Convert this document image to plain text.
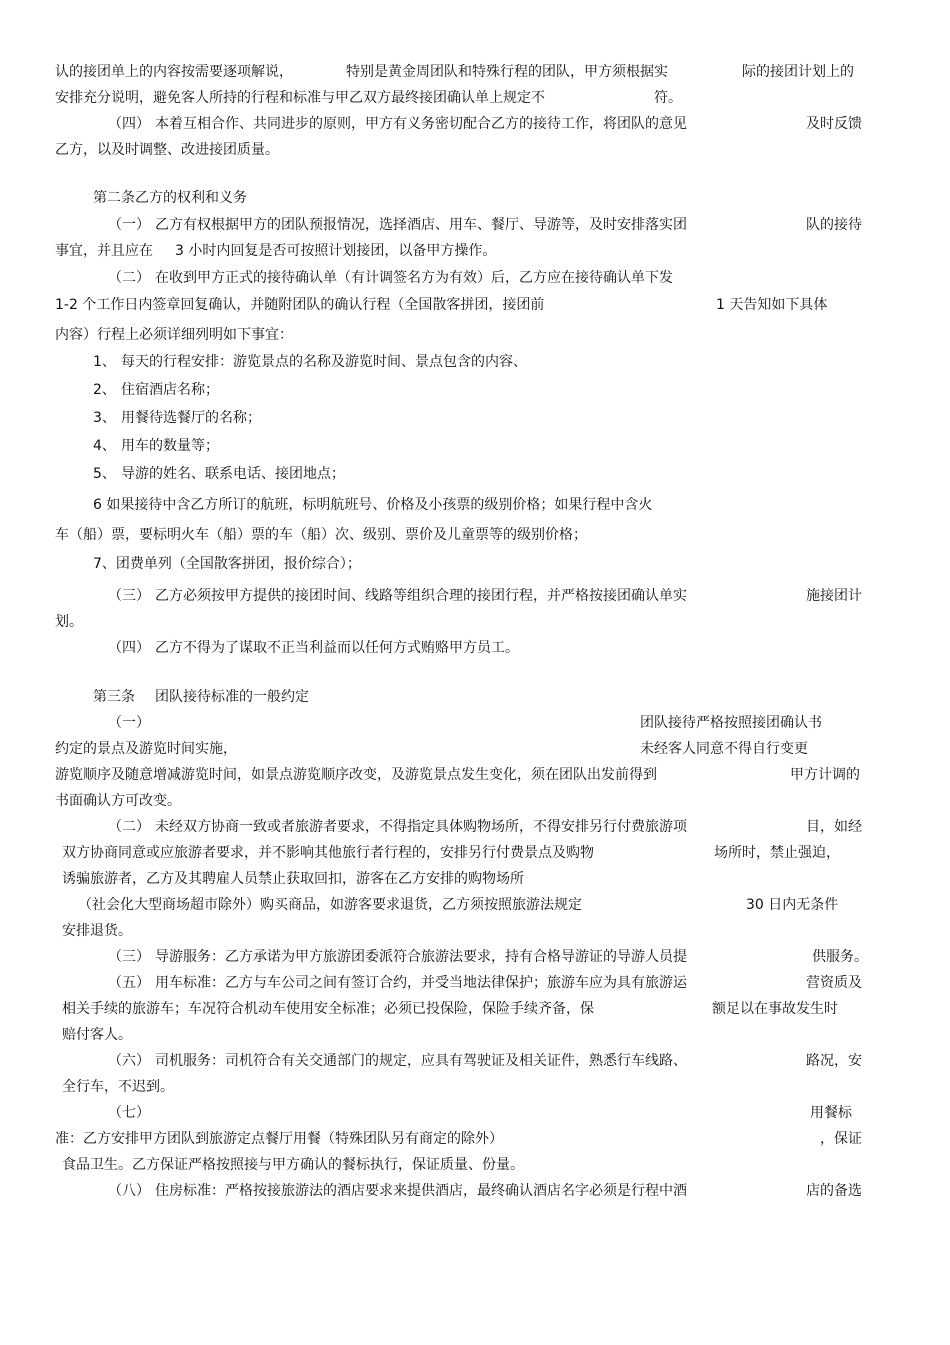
认的接团单上的内容按需要逐项解说，	特别是黄金周团队和特殊行程的团队，甲方须根据实	际的接团计划上的
安排充分说明，避免客人所持的行程和标准与甲乙双方最终接团确认单上规定不	符。
（四） 本着互相合作、共同进步的原则，甲方有义务密切配合乙方的接待工作，将团队的意见	及时反馈
乙方，以及时调整、改进接团质量。
第二条乙方的权利和义务
（一） 乙方有权根据甲方的团队预报情况，选择酒店、用车、餐厅、导游等，及时安排落实团	队的接待
事宜，并且应在 3 小时内回复是否可按照计划接团，以备甲方操作。
（二） 在收到甲方正式的接待确认单（有计调签名方为有效）后，乙方应在接待确认单下发
1-2 个工作日内签章回复确认，并随附团队的确认行程（全国散客拼团，接团前	1 天告知如下具体
内容）行程上必须详细列明如下事宜：
1、 每天的行程安排：游览景点的名称及游览时间、景点包含的内容、
2、 住宿酒店名称；
3、 用餐待选餐厅的名称；
4、 用车的数量等；
5、 导游的姓名、联系电话、接团地点；
6 如果接待中含乙方所订的航班，标明航班号、价格及小孩票的级别价格；如果行程中含火
车（船）票，要标明火车（船）票的车（船）次、级别、票价及儿童票等的级别价格；
7、团费单列（全国散客拼团，报价综合）；
（三） 乙方必须按甲方提供的接团时间、线路等组织合理的接团行程，并严格按接团确认单实	施接团计
划。
（四） 乙方不得为了谋取不正当利益而以任何方式贿赂甲方员工。
第三条 团队接待标准的一般约定
（一）	团队接待严格按照接团确认书
约定的景点及游览时间实施，	未经客人同意不得自行变更
游览顺序及随意增减游览时间，如景点游览顺序改变，及游览景点发生变化，须在团队出发前得到	甲方计调的
书面确认方可改变。
（二） 未经双方协商一致或者旅游者要求，不得指定具体购物场所，不得安排另行付费旅游项	目，如经
双方协商同意或应旅游者要求，并不影响其他旅行者行程的，安排另行付费景点及购物	场所时，禁止强迫，
诱骗旅游者，乙方及其聘雇人员禁止获取回扣，游客在乙方安排的购物场所
（社会化大型商场超市除外）购买商品，如游客要求退货，乙方须按照旅游法规定	30 日内无条件
安排退货。
（三） 导游服务：乙方承诺为甲方旅游团委派符合旅游法要求，持有合格导游证的导游人员提	供服务。
（五） 用车标准：乙方与车公司之间有签订合约，并受当地法律保护；旅游车应为具有旅游运	营资质及
相关手续的旅游车；车况符合机动车使用安全标准；必须已投保险，保险手续齐备，保	额足以在事故发生时
赔付客人。
（六） 司机服务：司机符合有关交通部门的规定，应具有驾驶证及相关证件，熟悉行车线路、	路况，安
全行车，不迟到。
（七）	用餐标
准：乙方安排甲方团队到旅游定点餐厅用餐（特殊团队另有商定的除外）	，保证
食品卫生。乙方保证严格按照接与甲方确认的餐标执行，保证质量、份量。
（八） 住房标准：严格按接旅游法的酒店要求来提供酒店，最终确认酒店名字必须是行程中酒	店的备选
